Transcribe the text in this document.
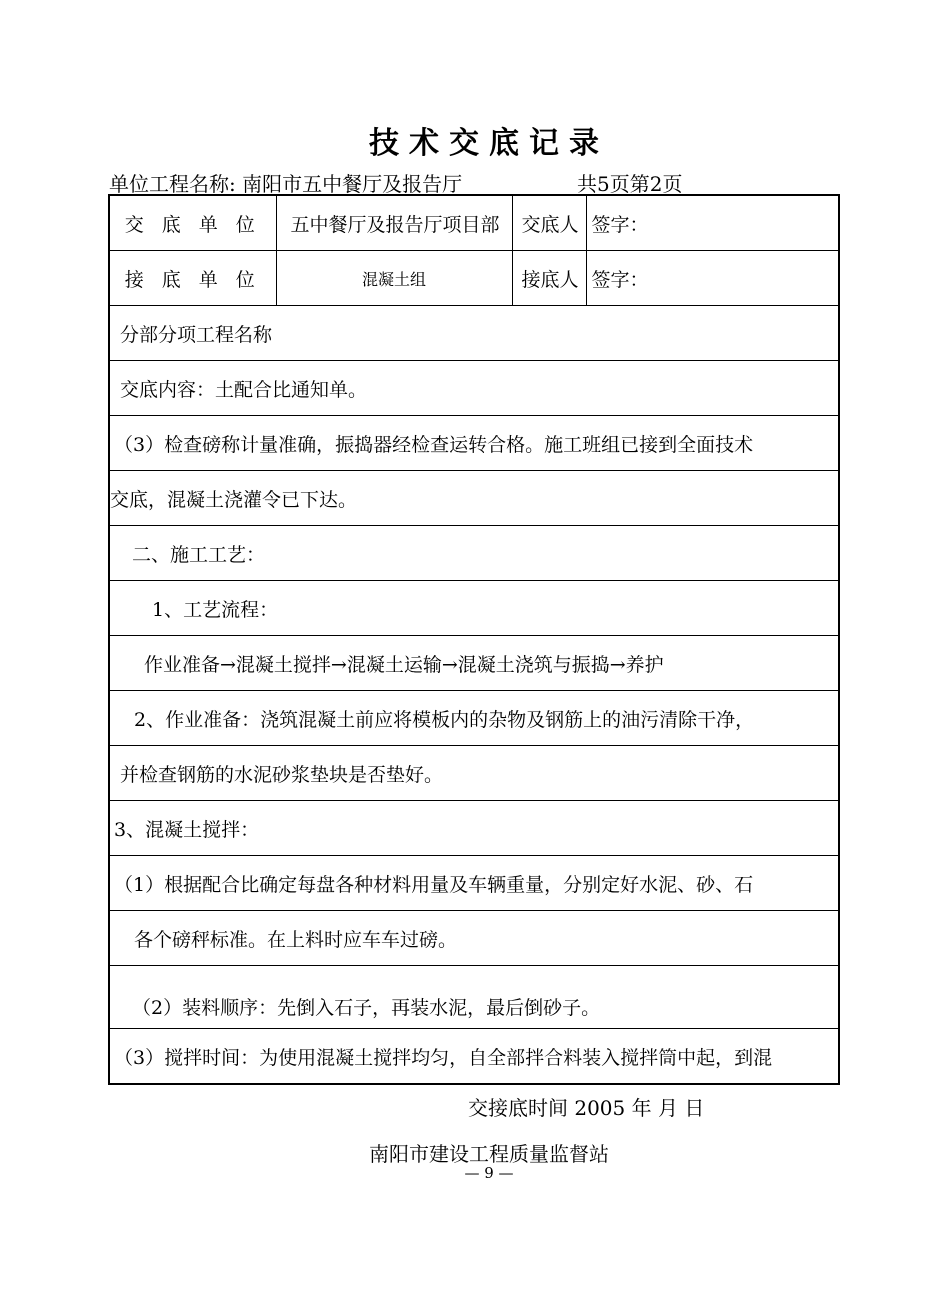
技术交底记录
单位工程名称: 南阳市五中餐厅及报告厅	共5页第2页
交 底 单 位	五中餐厅及报告厅项目部	交底人	签字：
接 底 单 位	混凝土组	接底人	签字：
分部分项工程名称			
交底内容：土配合比通知单。			
（3）检查磅称计量准确，振捣器经检查运转合格。施工班组已接到全面技术			
交底，混凝土浇灌令已下达。			
二、施工工艺：			
1、工艺流程：			
作业准备→混凝土搅拌→混凝土运输→混凝土浇筑与振捣→养护			
2、作业准备：浇筑混凝土前应将模板内的杂物及钢筋上的油污清除干净，			
并检查钢筋的水泥砂浆垫块是否垫好。			
3、混凝土搅拌：			
（1）根据配合比确定每盘各种材料用量及车辆重量，分别定好水泥、砂、石			
各个磅秤标准。在上料时应车车过磅。			
（2）装料顺序：先倒入石子，再装水泥，最后倒砂子。			
（3）搅拌时间：为使用混凝土搅拌均匀，自全部拌合料装入搅拌筒中起，到混			
交接底时间 2005 年 月 日
南阳市建设工程质量监督站
— 9 —
